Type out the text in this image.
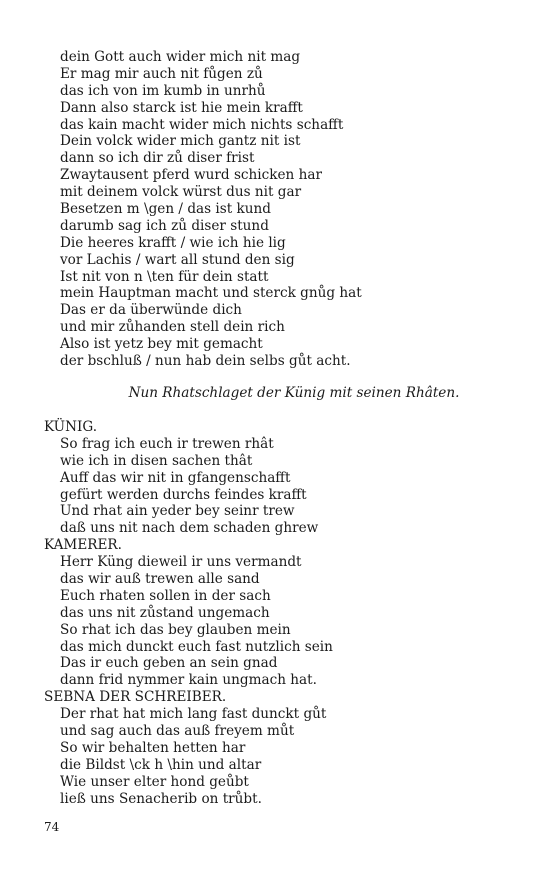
dein Gott auch wider mich nit mag
Er mag mir auch nit fůgen zů
das ich von im kumb in unrhů
Dann also starck ist hie mein krafft
das kain macht wider mich nichts schafft
Dein volck wider mich gantz nit ist
dann so ich dir zů diser frist
Zwaytausent pferd wurd schicken har
mit deinem volck würst dus nit gar
Besetzen m \gen / das ist kund
darumb sag ich zů diser stund
Die heeres krafft / wie ich hie lig
vor Lachis / wart all stund den sig
Ist nit von n \ten für dein statt
mein Hauptman macht und sterck gnůg hat
Das er da überwünde dich
und mir zůhanden stell dein rich
Also ist yetz bey mit gemacht
der bschluß / nun hab dein selbs gůt acht.
Nun Rhatschlaget der Künig mit seinen Rhâten.
KÜNIG.
So frag ich euch ir trewen rhât
wie ich in disen sachen thât
Auff das wir nit in gfangenschafft
gefürt werden durchs feindes krafft
Und rhat ain yeder bey seinr trew
daß uns nit nach dem schaden ghrew
KAMERER.
Herr Küng dieweil ir uns vermandt
das wir auß trewen alle sand
Euch rhaten sollen in der sach
das uns nit zůstand ungemach
So rhat ich das bey glauben mein
das mich dunckt euch fast nutzlich sein
Das ir euch geben an sein gnad
dann frid nymmer kain ungmach hat.
SEBNA DER SCHREIBER.
Der rhat hat mich lang fast dunckt gůt
und sag auch das auß freyem můt
So wir behalten hetten har
die Bildst \ck h \hin und altar
Wie unser elter hond geůbt
ließ uns Senacherib on trůbt.
74
